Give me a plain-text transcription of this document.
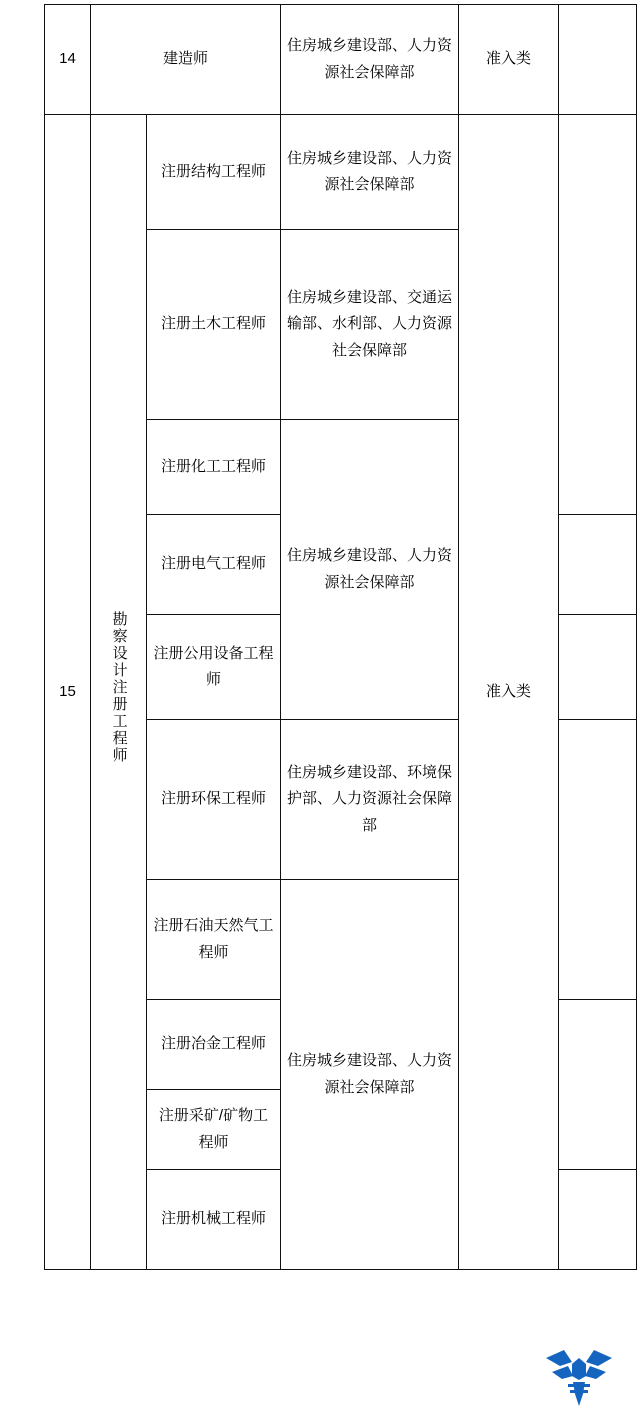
14	建造师		住房城乡建设部、人力资源社会保障部	准入类	
15	勘察设计注册工程师	注册结构工程师	住房城乡建设部、人力资源社会保障部	准入类	
		注册土木工程师	住房城乡建设部、交通运输部、水利部、人力资源社会保障部		
		注册化工工程师	住房城乡建设部、人力资源社会保障部		
		注册电气工程师			
		注册公用设备工程师			
		注册环保工程师	住房城乡建设部、环境保护部、人力资源社会保障部		
		注册石油天然气工程师	住房城乡建设部、人力资源社会保障部		
		注册冶金工程师			
		注册采矿/矿物工程师			
		注册机械工程师			
